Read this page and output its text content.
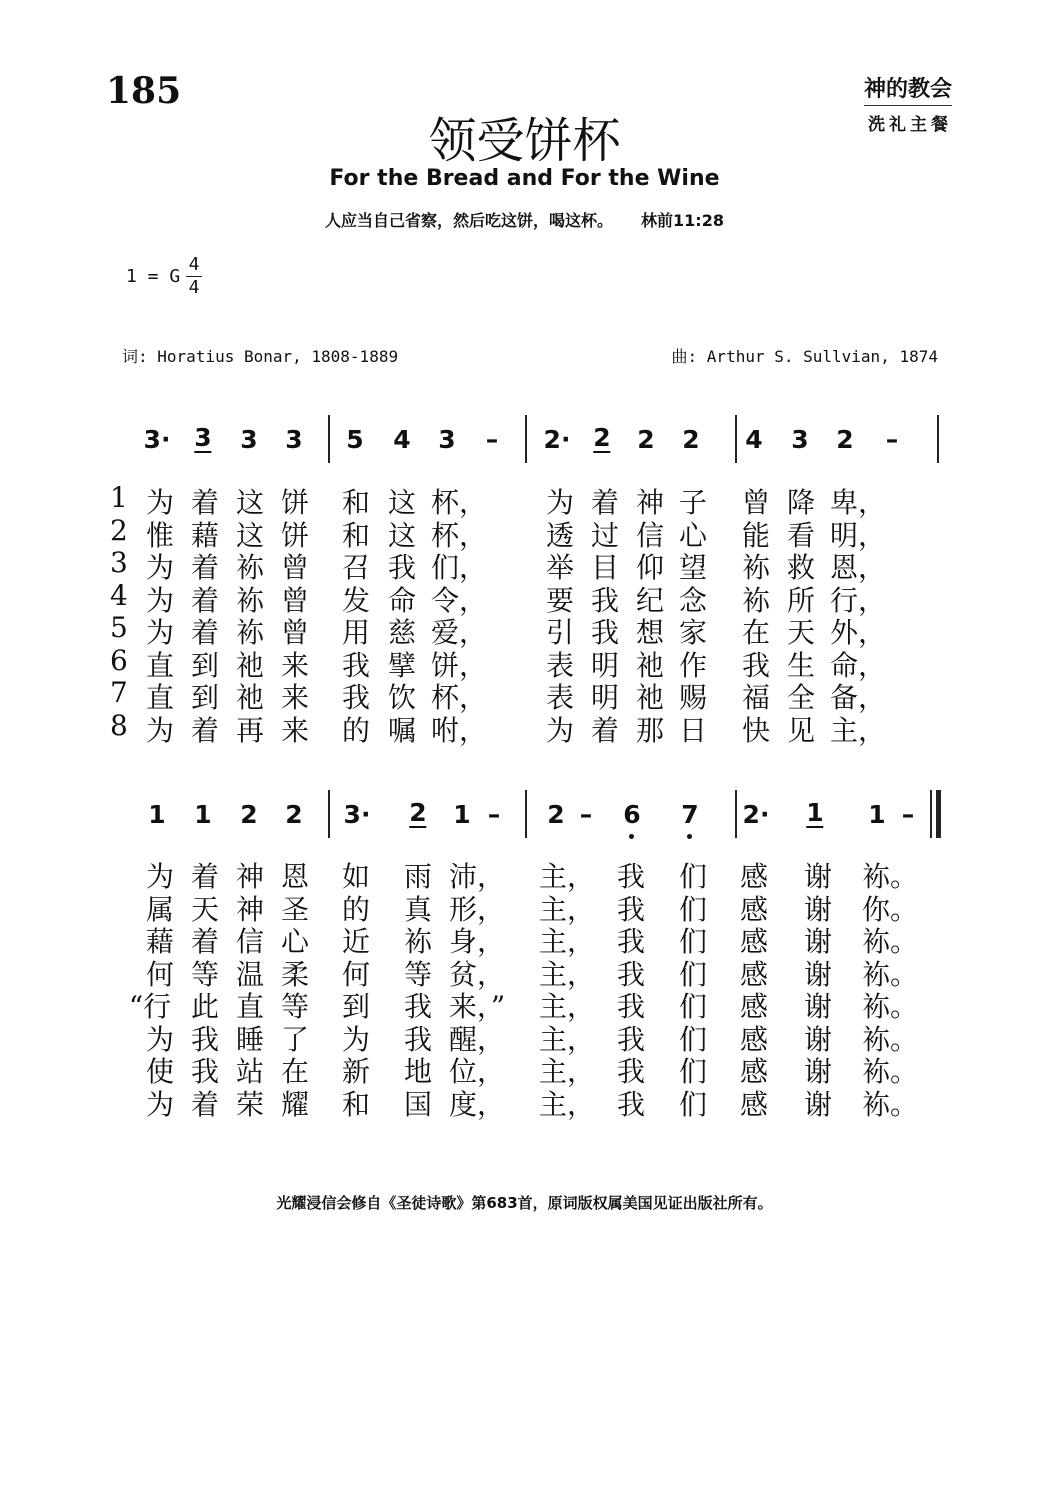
185	神的教会
洗礼主餐
领受饼杯
For the Bread and For the Wine
人应当自己省察，然后吃这饼，喝这杯。 林前11:28
1 = G
4
4
词: Horatius Bonar, 1808-1889	曲: Arthur S. Sullvian, 1874
3· 3 3 3 5 4 3 – 2· 2 2 2 4 3 2 –
1
2
3
4
5
6
7
8
为 着 这 饼 和 这 杯， 为 着 神 子 曾 降 卑，
惟 藉 这 饼 和 这 杯， 透 过 信 心 能 看 明，
为 着 袮 曾 召 我 们， 举 目 仰 望 袮 救 恩，
为 着 袮 曾 发 命 令， 要 我 纪 念 袮 所 行，
为 着 袮 曾 用 慈 爱， 引 我 想 家 在 天 外，
直 到 祂 来 我 擘 饼， 表 明 祂 作 我 生 命，
直 到 祂 来 我 饮 杯， 表 明 祂 赐 福 全 备，
为 着 再 来 的 嘱 咐， 为 着 那 日 快 见 主，
1 1 2 2 3· 2 1 – 2 – 6 7 2· 1 1 –
为 着 神 恩 如 雨 沛， 主， 我 们 感 谢 袮。
属 天 神 圣 的 真 形， 主， 我 们 感 谢 你。
藉 着 信 心 近 袮 身， 主， 我 们 感 谢 袮。
何 等 温 柔 何 等 贫， 主， 我 们 感 谢 袮。
“行 此 直 等 到 我 来，” 主， 我 们 感 谢 袮。
为 我 睡 了 为 我 醒， 主， 我 们 感 谢 袮。
使 我 站 在 新 地 位， 主， 我 们 感 谢 袮。
为 着 荣 耀 和 国 度， 主， 我 们 感 谢 袮。
光耀浸信会修自《圣徒诗歌》第683首，原词版权属美国见证出版社所有。
